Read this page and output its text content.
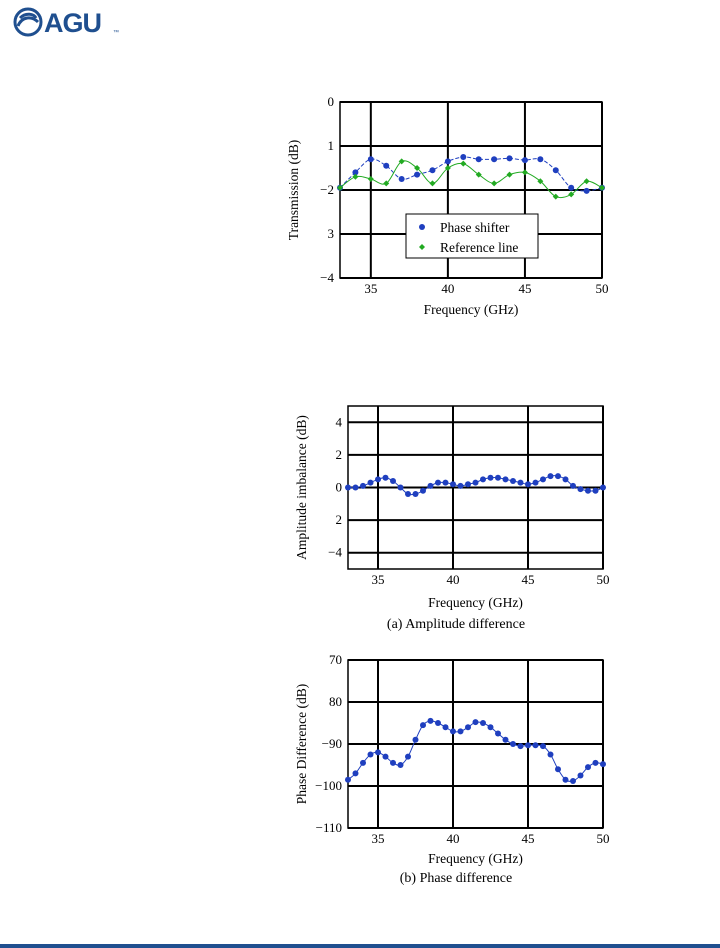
AGU ™
0
1
−2
3
−4
35	40	45	50
Frequency (GHz)
Transmission (dB)	Phase shifter
Reference line
4
2
0
2
−4
35	40	45	50
Frequency (GHz)
Amplitude imbalance (dB)
(a) Amplitude difference
70
80
−90
−100
−110
35	40	45	50
Frequency (GHz)
Phase Difference (dB)
(b) Phase difference
